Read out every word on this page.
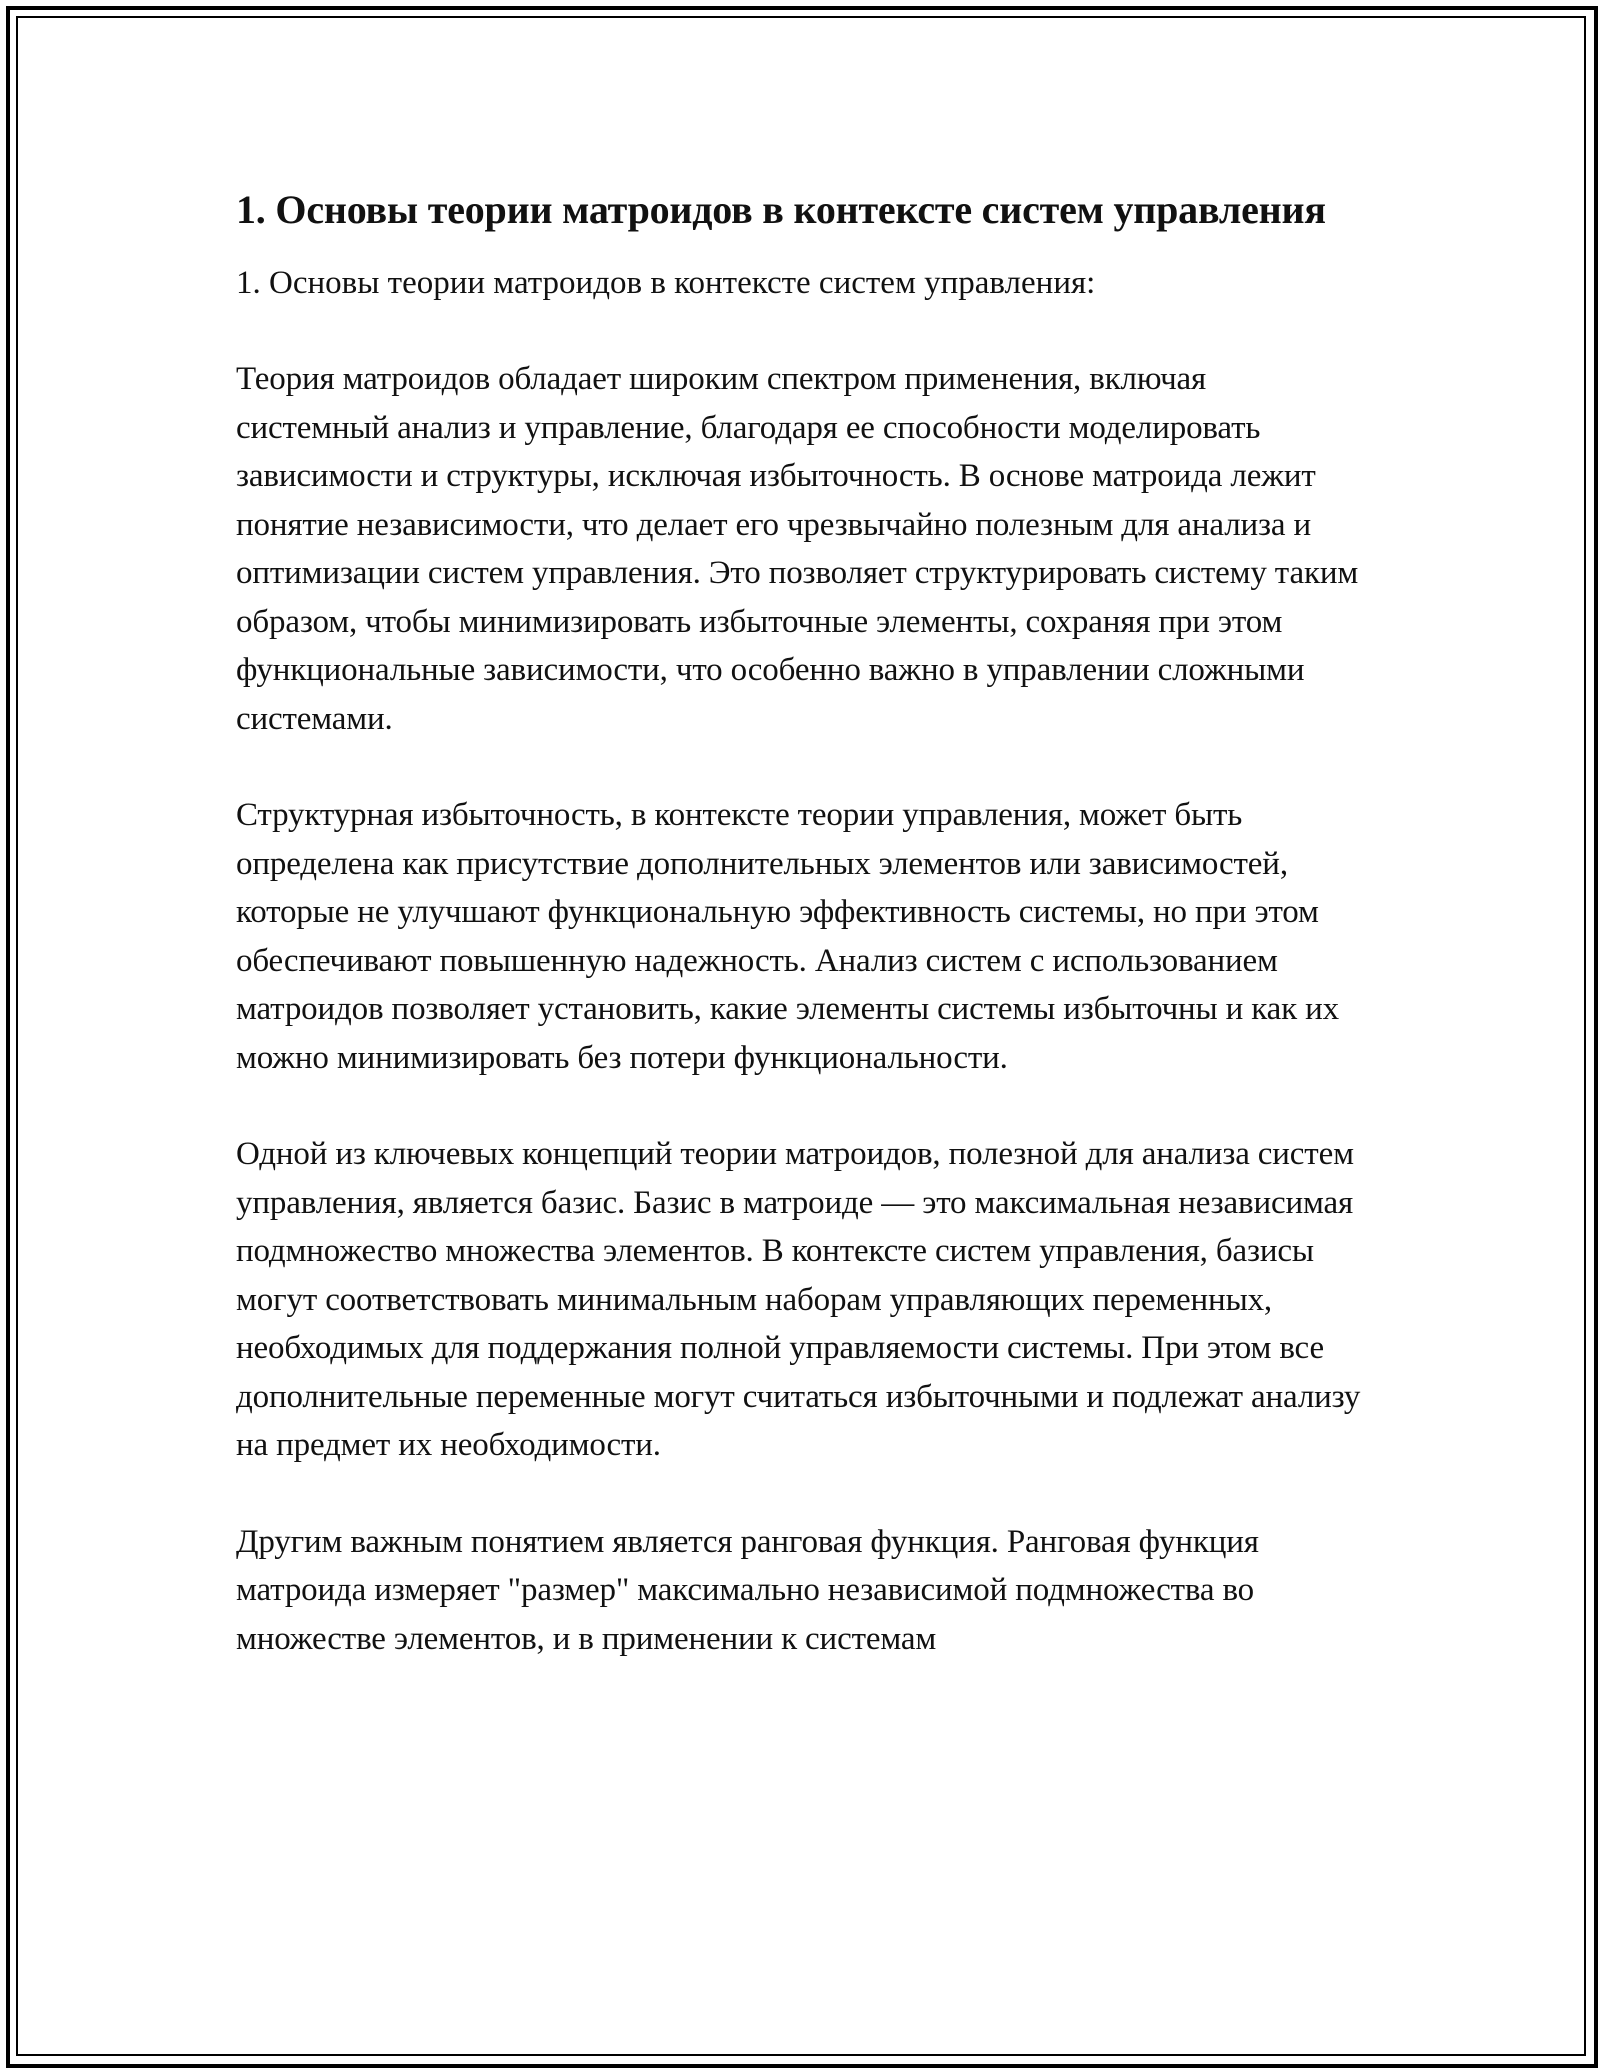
1. Основы теории матроидов в контексте систем управления

1. Основы теории матроидов в контексте систем управления:

Теория матроидов обладает широким спектром применения, включая системный анализ и управление, благодаря ее способности моделировать зависимости и структуры, исключая избыточность. В основе матроида лежит понятие независимости, что делает его чрезвычайно полезным для анализа и оптимизации систем управления. Это позволяет структурировать систему таким образом, чтобы минимизировать избыточные элементы, сохраняя при этом функциональные зависимости, что особенно важно в управлении сложными системами.

Структурная избыточность, в контексте теории управления, может быть определена как присутствие дополнительных элементов или зависимостей, которые не улучшают функциональную эффективность системы, но при этом обеспечивают повышенную надежность. Анализ систем с использованием матроидов позволяет установить, какие элементы системы избыточны и как их можно минимизировать без потери функциональности.

Одной из ключевых концепций теории матроидов, полезной для анализа систем управления, является базис. Базис в матроиде — это максимальная независимая подмножество множества элементов. В контексте систем управления, базисы могут соответствовать минимальным наборам управляющих переменных, необходимых для поддержания полной управляемости системы. При этом все дополнительные переменные могут считаться избыточными и подлежат анализу на предмет их необходимости.

Другим важным понятием является ранговая функция. Ранговая функция матроида измеряет "размер" максимально независимой подмножества во множестве элементов, и в применении к системам
